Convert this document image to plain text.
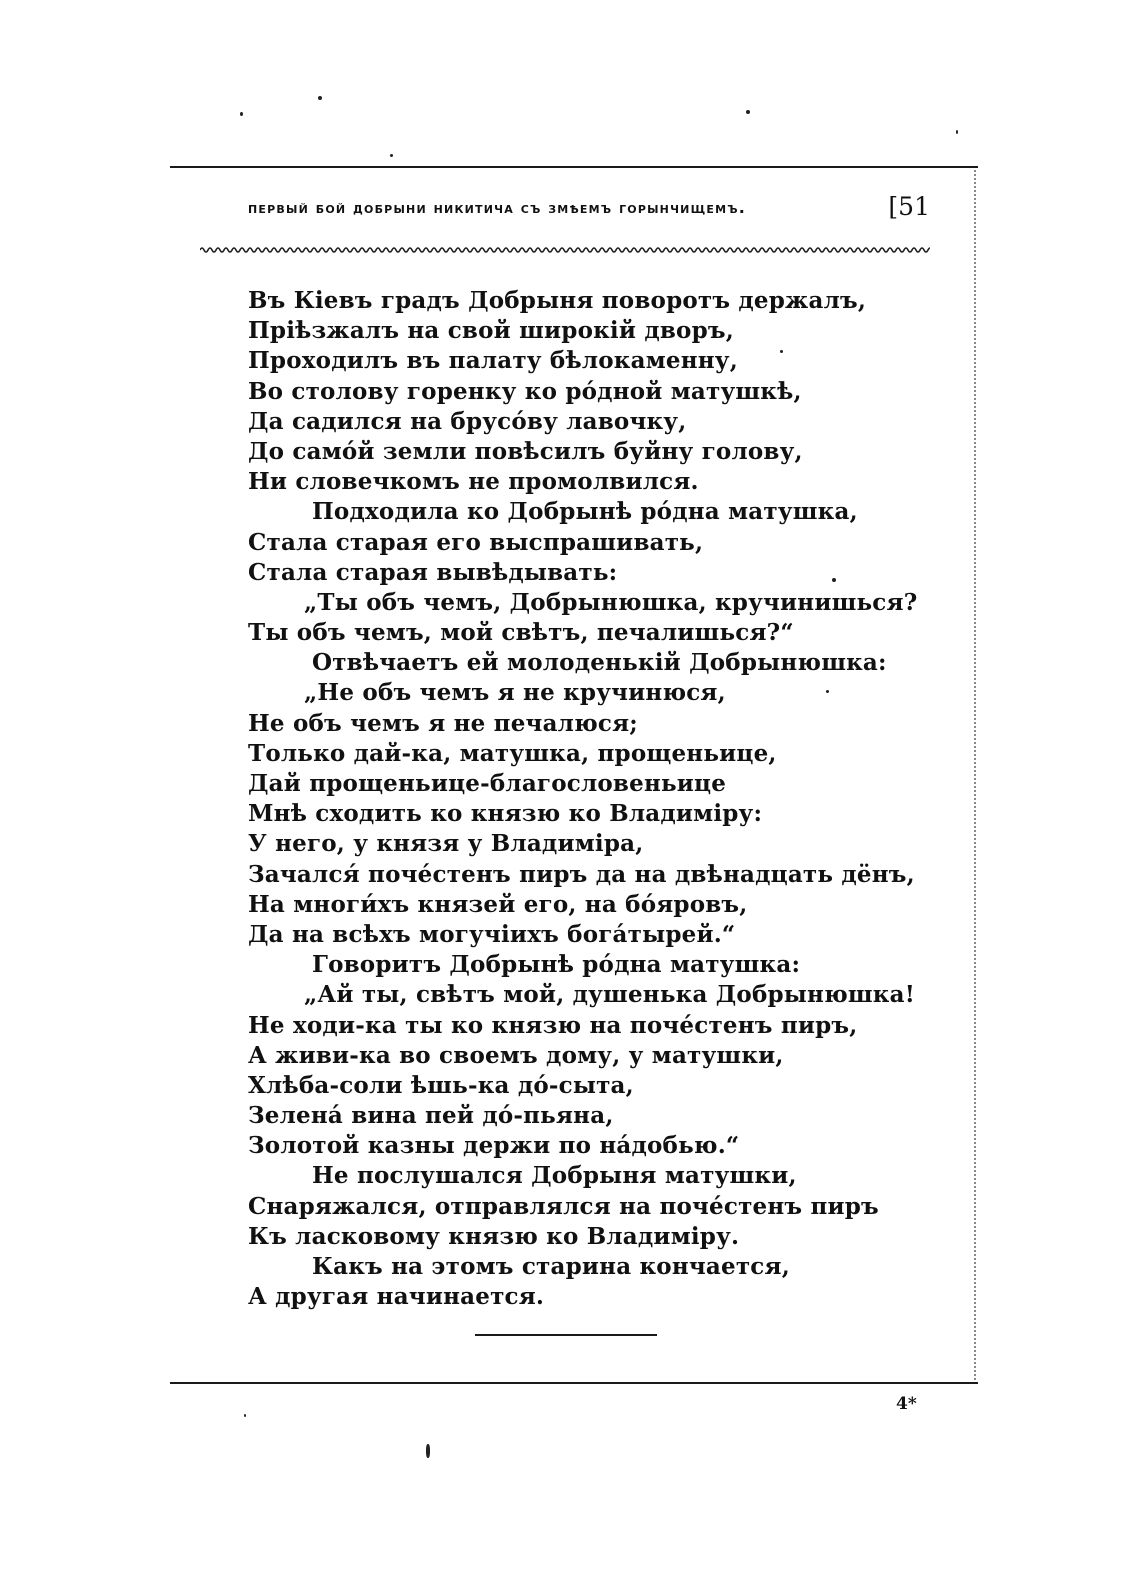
первый бой добрыни никитича съ змѣемъ горынчищемъ.	[51
Въ Кіевъ градъ Добрыня поворотъ держалъ,
Пріѣзжалъ на свой широкій дворъ,
Проходилъ въ палату бѣлокаменну,
Во столову горенку ко ро́дной матушкѣ,
Да садился на брусо́ву лавочку,
До само́й земли повѣсилъ буйну голову,
Ни словечкомъ не промолвился.
Подходила ко Добрынѣ ро́дна матушка,
Стала старая его выспрашивать,
Стала старая вывѣдывать:
„Ты объ чемъ, Добрынюшка, кручинишься?
Ты объ чемъ, мой свѣтъ, печалишься?“
Отвѣчаетъ ей молоденькій Добрынюшка:
„Не объ чемъ я не кручинюся,
Не объ чемъ я не печалюся;
Только дай-ка, матушка, прощеньице,
Дай прощеньице-благословеньице
Мнѣ сходить ко князю ко Владиміру:
У него, у князя у Владиміра,
Зачался́ поче́стенъ пиръ да на двѣнадцать дёнъ,
На многи́хъ князей его, на бо́яровъ,
Да на всѣхъ могучіихъ бога́тырей.“
Говоритъ Добрынѣ ро́дна матушка:
„Ай ты, свѣтъ мой, душенька Добрынюшка!
Не ходи-ка ты ко князю на поче́стенъ пиръ,
А живи-ка во своемъ дому, у матушки,
Хлѣба-соли ѣшь-ка до́-сыта,
Зелена́ вина пей до́-пьяна,
Золотой казны держи по на́добью.“
Не послушался Добрыня матушки,
Снаряжался, отправлялся на поче́стенъ пиръ
Къ ласковому князю ко Владиміру.
Какъ на этомъ старина кончается,
А другая начинается.
4*
